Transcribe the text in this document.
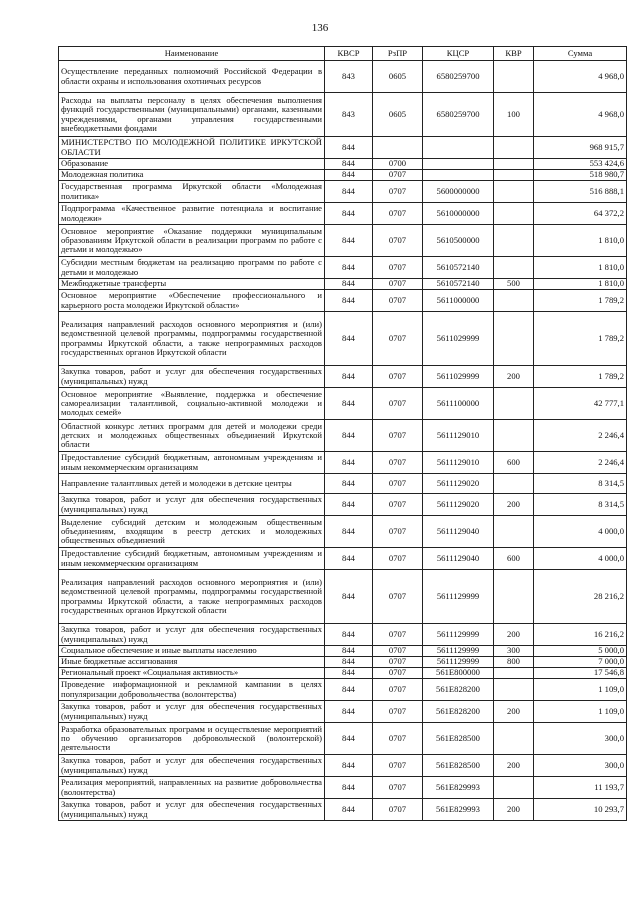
136
Наименование	КВСР	РзПР	КЦСР	КВР	Сумма
Осуществление переданных полномочий Российской Федерации в области охраны и использования охотничьих ресурсов	843	0605	6580259700		4 968,0
Расходы на выплаты персоналу в целях обеспечения выполнения функций государственными (муниципальными) органами, казенными учреждениями, органами управления государственными внебюджетными фондами	843	0605	6580259700	100	4 968,0
МИНИСТЕРСТВО ПО МОЛОДЕЖНОЙ ПОЛИТИКЕ ИРКУТСКОЙ ОБЛАСТИ	844				968 915,7
Образование	844	0700			553 424,6
Молодежная политика	844	0707			518 980,7
Государственная программа Иркутской области «Молодежная политика»	844	0707	5600000000		516 888,1
Подпрограмма «Качественное развитие потенциала и воспитание молодежи»	844	0707	5610000000		64 372,2
Основное мероприятие «Оказание поддержки муниципальным образованиям Иркутской области в реализации программ по работе с детьми и молодежью»	844	0707	5610500000		1 810,0
Субсидии местным бюджетам на реализацию программ по работе с детьми и молодежью	844	0707	5610572140		1 810,0
Межбюджетные трансферты	844	0707	5610572140	500	1 810,0
Основное мероприятие «Обеспечение профессионального и карьерного роста молодежи Иркутской области»	844	0707	5611000000		1 789,2
Реализация направлений расходов основного мероприятия и (или) ведомственной целевой программы, подпрограммы государственной программы Иркутской области, а также непрограммных расходов государственных органов Иркутской области	844	0707	5611029999		1 789,2
Закупка товаров, работ и услуг для обеспечения государственных (муниципальных) нужд	844	0707	5611029999	200	1 789,2
Основное мероприятие «Выявление, поддержка и обеспечение самореализации талантливой, социально-активной молодежи и молодых семей»	844	0707	5611100000		42 777,1
Областной конкурс летних программ для детей и молодежи среди детских и молодежных общественных объединений Иркутской области	844	0707	5611129010		2 246,4
Предоставление субсидий бюджетным, автономным учреждениям и иным некоммерческим организациям	844	0707	5611129010	600	2 246,4
Направление талантливых детей и молодежи в детские центры	844	0707	5611129020		8 314,5
Закупка товаров, работ и услуг для обеспечения государственных (муниципальных) нужд	844	0707	5611129020	200	8 314,5
Выделение субсидий детским и молодежным общественным объединениям, входящим в реестр детских и молодежных общественных объединений	844	0707	5611129040		4 000,0
Предоставление субсидий бюджетным, автономным учреждениям и иным некоммерческим организациям	844	0707	5611129040	600	4 000,0
Реализация направлений расходов основного мероприятия и (или) ведомственной целевой программы, подпрограммы государственной программы Иркутской области, а также непрограммных расходов государственных органов Иркутской области	844	0707	5611129999		28 216,2
Закупка товаров, работ и услуг для обеспечения государственных (муниципальных) нужд	844	0707	5611129999	200	16 216,2
Социальное обеспечение и иные выплаты населению	844	0707	5611129999	300	5 000,0
Иные бюджетные ассигнования	844	0707	5611129999	800	7 000,0
Региональный проект «Социальная активность»	844	0707	561E800000		17 546,8
Проведение информационной и рекламной кампании в целях популяризации добровольчества (волонтерства)	844	0707	561E828200		1 109,0
Закупка товаров, работ и услуг для обеспечения государственных (муниципальных) нужд	844	0707	561E828200	200	1 109,0
Разработка образовательных программ и осуществление мероприятий по обучению организаторов добровольческой (волонтерской) деятельности	844	0707	561E828500		300,0
Закупка товаров, работ и услуг для обеспечения государственных (муниципальных) нужд	844	0707	561E828500	200	300,0
Реализация мероприятий, направленных на развитие добровольчества (волонтерства)	844	0707	561E829993		11 193,7
Закупка товаров, работ и услуг для обеспечения государственных (муниципальных) нужд	844	0707	561E829993	200	10 293,7
